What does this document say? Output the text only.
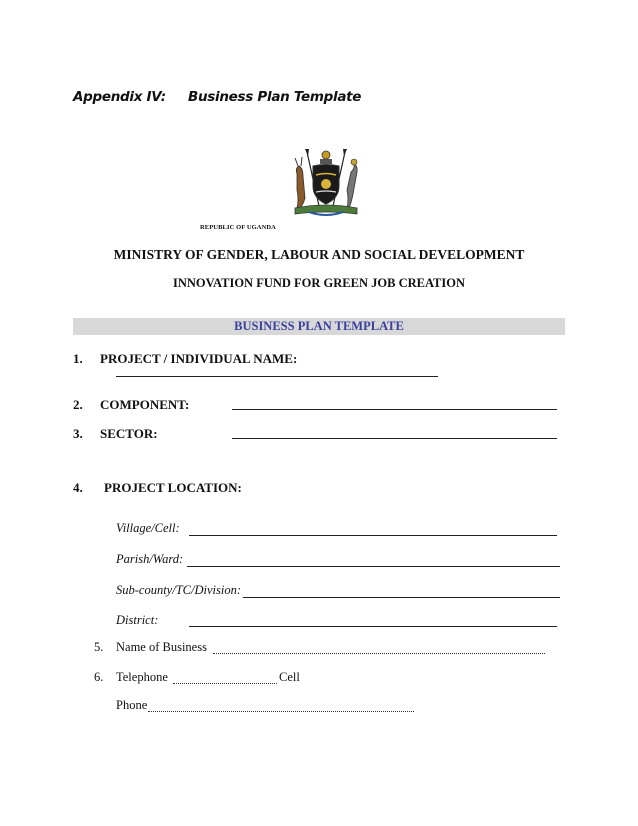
Appendix IV: Business Plan Template
REPUBLIC OF UGANDA
MINISTRY OF GENDER, LABOUR AND SOCIAL DEVELOPMENT
INNOVATION FUND FOR GREEN JOB CREATION
BUSINESS PLAN TEMPLATE
1. PROJECT / INDIVIDUAL NAME:
2. COMPONENT:
3. SECTOR:
4. PROJECT LOCATION:
Village/Cell:
Parish/Ward:
Sub-county/TC/Division:
District:
5. Name of Business
6. Telephone	Cell
Phone
